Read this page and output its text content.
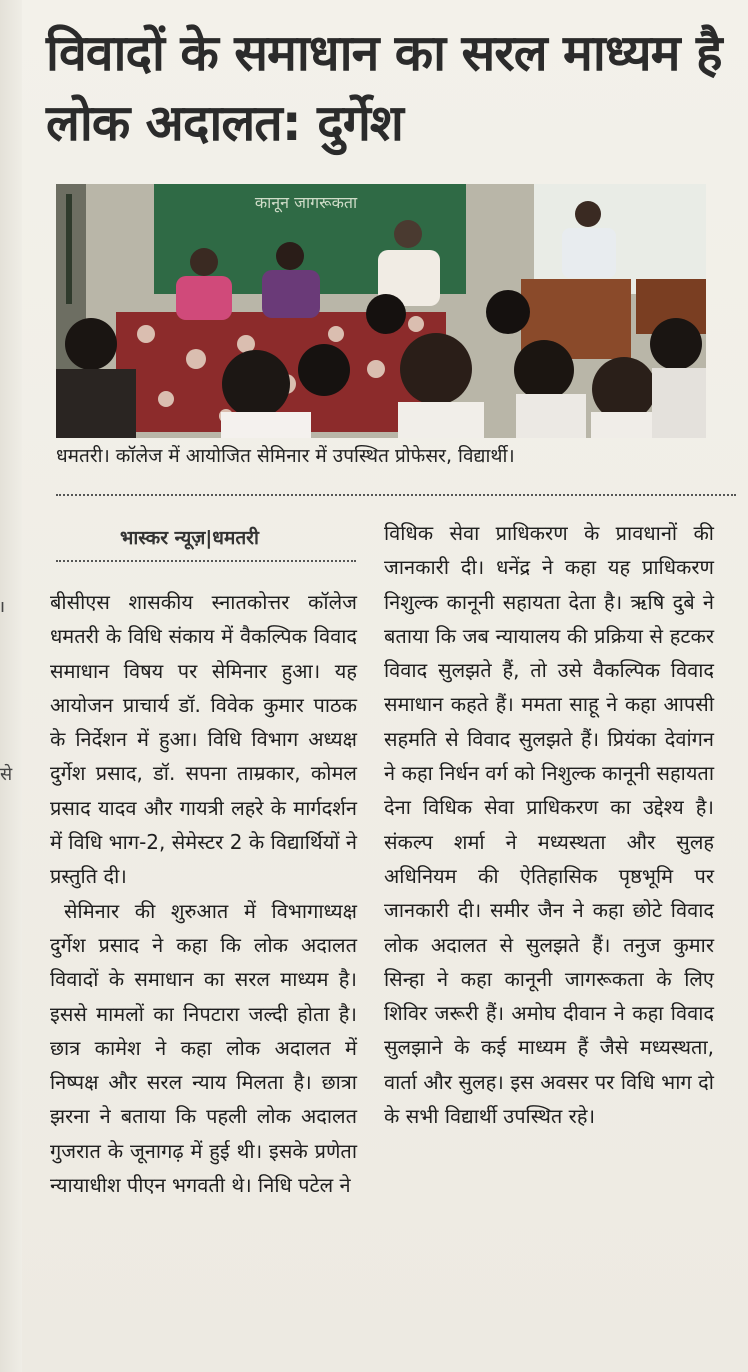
ı
से
विवादों के समाधान का सरल माध्यम है लोक अदालत: दुर्गेश
कानून जागरूकता
धमतरी। कॉलेज में आयोजित सेमिनार में उपस्थित प्रोफेसर, विद्यार्थी।
भास्कर न्यूज़|धमतरी

बीसीएस शासकीय स्नातकोत्तर कॉलेज धमतरी के विधि संकाय में वैकल्पिक विवाद समाधान विषय पर सेमिनार हुआ। यह आयोजन प्राचार्य डॉ. विवेक कुमार पाठक के निर्देशन में हुआ। विधि विभाग अध्यक्ष दुर्गेश प्रसाद, डॉ. सपना ताम्रकार, कोमल प्रसाद यादव और गायत्री लहरे के मार्गदर्शन में विधि भाग-2, सेमेस्टर 2 के विद्यार्थियों ने प्रस्तुति दी।

सेमिनार की शुरुआत में विभागाध्यक्ष दुर्गेश प्रसाद ने कहा कि लोक अदालत विवादों के समाधान का सरल माध्यम है। इससे मामलों का निपटारा जल्दी होता है। छात्र कामेश ने कहा लोक अदालत में निष्पक्ष और सरल न्याय मिलता है। छात्रा झरना ने बताया कि पहली लोक अदालत गुजरात के जूनागढ़ में हुई थी। इसके प्रणेता न्यायाधीश पीएन भगवती थे। निधि पटेल ने

विधिक सेवा प्राधिकरण के प्रावधानों की जानकारी दी। धनेंद्र ने कहा यह प्राधिकरण निशुल्क कानूनी सहायता देता है। ऋषि दुबे ने बताया कि जब न्यायालय की प्रक्रिया से हटकर विवाद सुलझते हैं, तो उसे वैकल्पिक विवाद समाधान कहते हैं। ममता साहू ने कहा आपसी सहमति से विवाद सुलझते हैं। प्रियंका देवांगन ने कहा निर्धन वर्ग को निशुल्क कानूनी सहायता देना विधिक सेवा प्राधिकरण का उद्देश्य है। संकल्प शर्मा ने मध्यस्थता और सुलह अधिनियम की ऐतिहासिक पृष्ठभूमि पर जानकारी दी। समीर जैन ने कहा छोटे विवाद लोक अदालत से सुलझते हैं। तनुज कुमार सिन्हा ने कहा कानूनी जागरूकता के लिए शिविर जरूरी हैं। अमोघ दीवान ने कहा विवाद सुलझाने के कई माध्यम हैं जैसे मध्यस्थता, वार्ता और सुलह। इस अवसर पर विधि भाग दो के सभी विद्यार्थी उपस्थित रहे।
